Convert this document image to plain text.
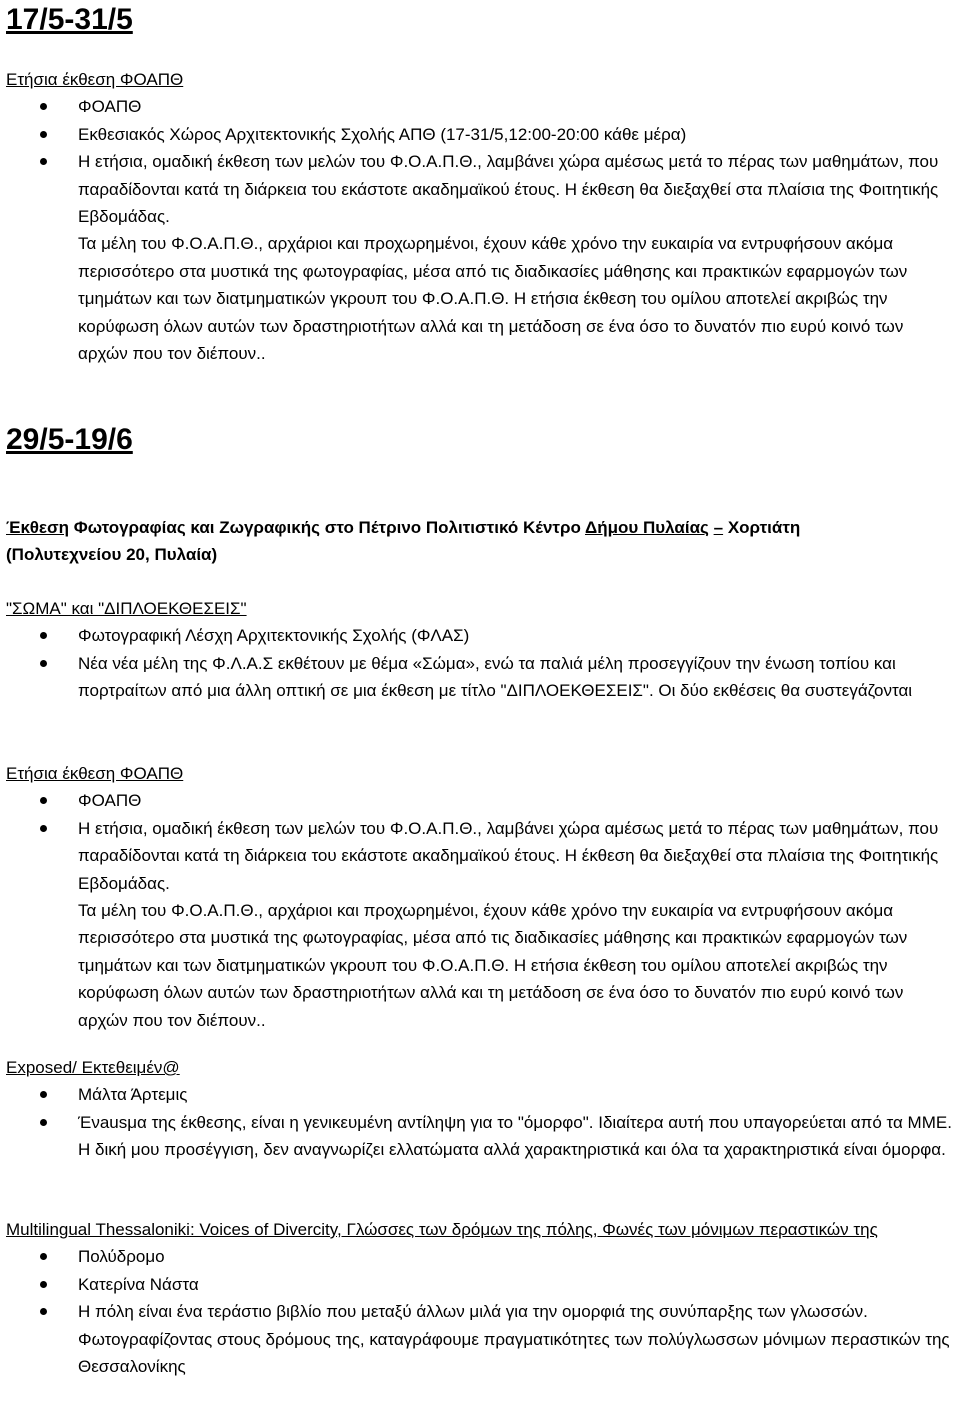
17/5-31/5

Ετήσια έκθεση ΦΟΑΠΘ

ΦΟΑΠΘ
Εκθεσιακός Χώρος Αρχιτεκτονικής Σχολής ΑΠΘ (17-31/5,12:00-20:00 κάθε μέρα)
Η ετήσια, ομαδική έκθεση των μελών του Φ.Ο.Α.Π.Θ., λαμβάνει χώρα αμέσως μετά το πέρας των μαθημάτων, που παραδίδονται κατά τη διάρκεια του εκάστοτε ακαδημαϊκού έτους. Η έκθεση θα διεξαχθεί στα πλαίσια της Φοιτητικής Εβδομάδας.

Τα μέλη του Φ.Ο.Α.Π.Θ., αρχάριοι και προχωρημένοι, έχουν κάθε χρόνο την ευκαιρία να εντρυφήσουν ακόμα περισσότερο στα μυστικά της φωτογραφίας, μέσα από τις διαδικασίες μάθησης και πρακτικών εφαρμογών των τμημάτων και των διατμηματικών γκρουπ του Φ.Ο.Α.Π.Θ. Η ετήσια έκθεση του ομίλου αποτελεί ακριβώς την κορύφωση όλων αυτών των δραστηριοτήτων αλλά και τη μετάδοση σε ένα όσο το δυνατόν πιο ευρύ κοινό των αρχών που τον διέπουν..

29/5-19/6

Έκθεση Φωτογραφίας και Ζωγραφικής στο Πέτρινο Πολιτιστικό Κέντρο Δήμου Πυλαίας – Χορτιάτη

(Πολυτεχνείου 20, Πυλαία)

"ΣΩΜΑ" και "ΔΙΠΛΟΕΚΘΕΣΕΙΣ"

Φωτογραφική Λέσχη Αρχιτεκτονικής Σχολής (ΦΛΑΣ)
Νέα νέα μέλη της Φ.Λ.Α.Σ εκθέτουν με θέμα «Σώμα», ενώ τα παλιά μέλη προσεγγίζουν την ένωση τοπίου και πορτραίτων από μια άλλη οπτική σε μια έκθεση με τίτλο "ΔΙΠΛΟΕΚΘΕΣΕΙΣ". Οι δύο εκθέσεις θα συστεγάζονται

Ετήσια έκθεση ΦΟΑΠΘ

ΦΟΑΠΘ
Η ετήσια, ομαδική έκθεση των μελών του Φ.Ο.Α.Π.Θ., λαμβάνει χώρα αμέσως μετά το πέρας των μαθημάτων, που παραδίδονται κατά τη διάρκεια του εκάστοτε ακαδημαϊκού έτους. Η έκθεση θα διεξαχθεί στα πλαίσια της Φοιτητικής Εβδομάδας.

Τα μέλη του Φ.Ο.Α.Π.Θ., αρχάριοι και προχωρημένοι, έχουν κάθε χρόνο την ευκαιρία να εντρυφήσουν ακόμα περισσότερο στα μυστικά της φωτογραφίας, μέσα από τις διαδικασίες μάθησης και πρακτικών εφαρμογών των τμημάτων και των διατμηματικών γκρουπ του Φ.Ο.Α.Π.Θ. Η ετήσια έκθεση του ομίλου αποτελεί ακριβώς την κορύφωση όλων αυτών των δραστηριοτήτων αλλά και τη μετάδοση σε ένα όσο το δυνατόν πιο ευρύ κοινό των αρχών που τον διέπουν..

Exposed/ Εκτεθειμέν@

Μάλτα Άρτεμις
Ένausμα της έκθεσης, είναι η γενικευμένη αντίληψη για το "όμορφο". Ιδιαίτερα αυτή που υπαγορεύεται από τα ΜΜΕ. Η δική μου προσέγγιση, δεν αναγνωρίζει ελλατώματα αλλά χαρακτηριστικά και όλα τα χαρακτηριστικά είναι όμορφα.

Multilingual Thessaloniki: Voices of Divercity, Γλώσσες των δρόμων της πόλης, Φωνές των μόνιμων περαστικών της

Πολύδρομο
Κατερίνα Νάστα
Η πόλη είναι ένα τεράστιο βιβλίο που μεταξύ άλλων μιλά για την ομορφιά της συνύπαρξης των γλωσσών. Φωτογραφίζοντας στους δρόμους της, καταγράφουμε πραγματικότητες των πολύγλωσσων μόνιμων περαστικών της Θεσσαλονίκης
